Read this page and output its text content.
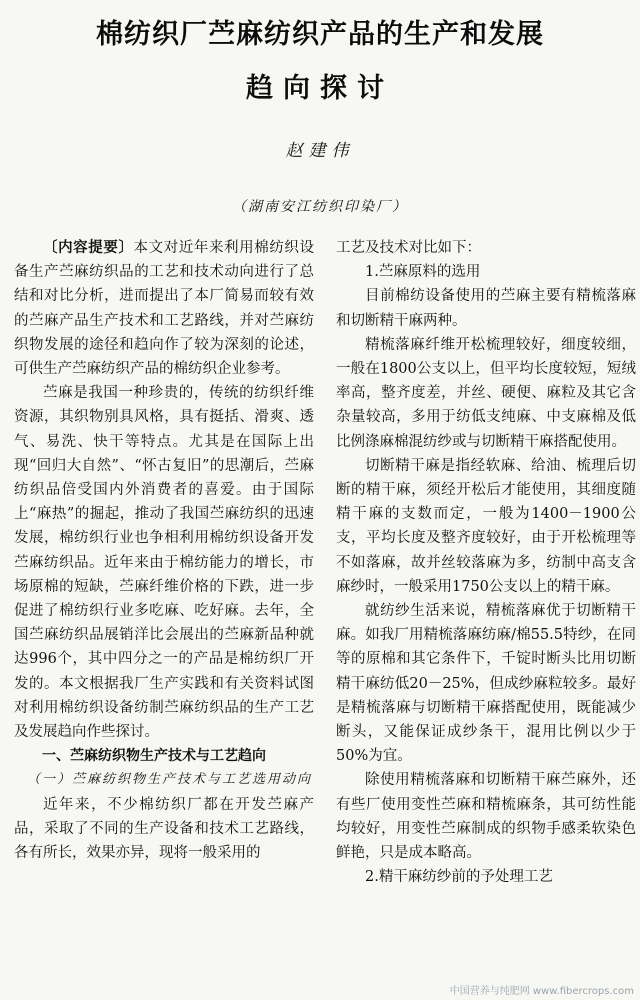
棉纺织厂苎麻纺织产品的生产和发展
趋向探讨
赵建伟
（湖南安江纺织印染厂）

〔内容提要〕本文对近年来利用棉纺织设备生产苎麻纺织品的工艺和技术动向进行了总结和对比分析，进而提出了本厂简易而较有效的苎麻产品生产技术和工艺路线，并对苎麻纺织物发展的途径和趋向作了较为深刻的论述，可供生产苎麻纺织产品的棉纺织企业参考。

苎麻是我国一种珍贵的，传统的纺织纤维资源，其织物别具风格，具有挺括、滑爽、透气、易洗、快干等特点。尤其是在国际上出现“回归大自然”、“怀古复旧”的思潮后，苎麻纺织品倍受国内外消费者的喜爱。由于国际上“麻热”的掘起，推动了我国苎麻纺织的迅速发展，棉纺织行业也争相利用棉纺织设备开发苎麻纺织品。近年来由于棉纺能力的增长，市场原棉的短缺，苎麻纤维价格的下跌，进一步促进了棉纺织行业多吃麻、吃好麻。去年，全国苎麻纺织品展销洋比会展出的苎麻新品种就达996个，其中四分之一的产品是棉纺织厂开发的。本文根据我厂生产实践和有关资料试图对利用棉纺织设备纺制苎麻纺织品的生产工艺及发展趋向作些探讨。

一、苎麻纺织物生产技术与工艺趋向

（一）苎麻纺织物生产技术与工艺选用动向

近年来，不少棉纺织厂都在开发苎麻产品，采取了不同的生产设备和技术工艺路线，各有所长，效果亦异，现将一般采用的

工艺及技术对比如下：

1.苎麻原料的选用

目前棉纺设备使用的苎麻主要有精梳落麻和切断精干麻两种。

精梳落麻纤维开松梳理较好，细度较细，一般在1800公支以上，但平均长度较短，短绒率高，整齐度差，并丝、硬便、麻粒及其它含杂量较高，多用于纺低支纯麻、中支麻棉及低比例涤麻棉混纺纱或与切断精干麻搭配使用。

切断精干麻是指经软麻、给油、梳理后切断的精干麻，须经开松后才能使用，其细度随精干麻的支数而定，一般为1400－1900公支，平均长度及整齐度较好，由于开松梳理等不如落麻，故并丝较落麻为多，纺制中高支含麻纱时，一般采用1750公支以上的精干麻。

就纺纱生活来说，精梳落麻优于切断精干麻。如我厂用精梳落麻纺麻/棉55.5特纱，在同等的原棉和其它条件下，千锭时断头比用切断精干麻纺低20－25%，但成纱麻粒较多。最好是精梳落麻与切断精干麻搭配使用，既能减少断头，又能保证成纱条干，混用比例以少于50%为宜。

除使用精梳落麻和切断精干麻苎麻外，还有些厂使用变性苎麻和精梳麻条，其可纺性能均较好，用变性苎麻制成的织物手感柔软染色鲜艳，只是成本略高。

2.精干麻纺纱前的予处理工艺

中国营养与纯肥网 www.fibercrops.com
